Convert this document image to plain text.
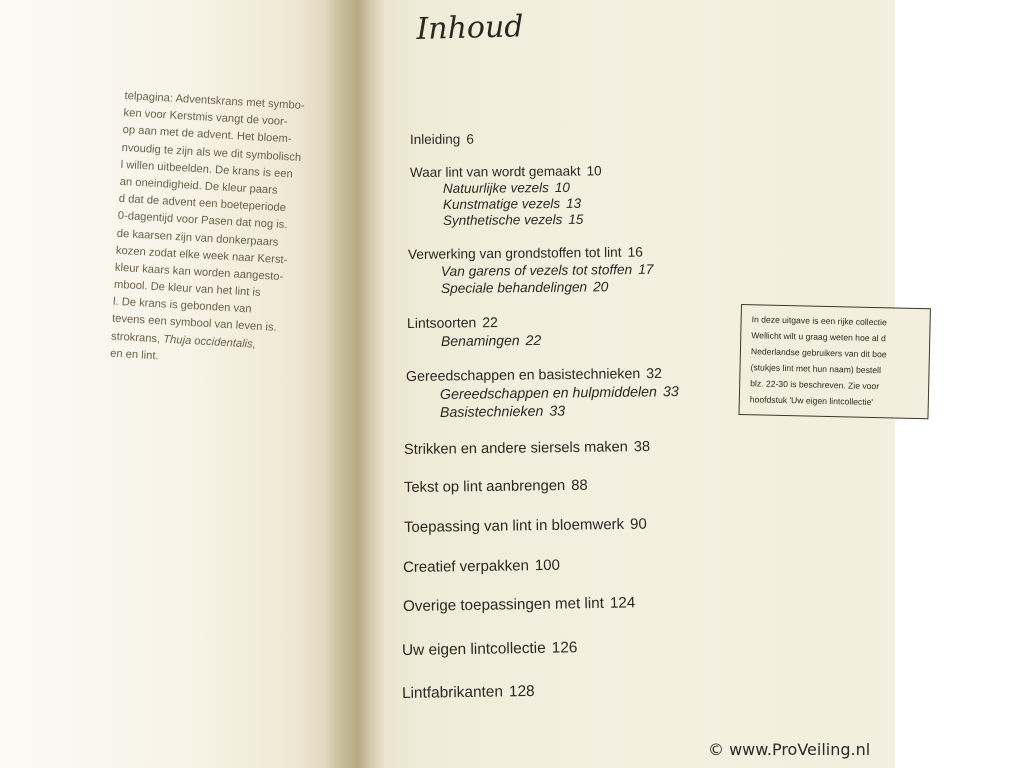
telpagina: Adventskrans met symbo-
ken voor Kerstmis vangt de voor-
op aan met de advent. Het bloem-
nvoudig te zijn als we dit symbolisch
l willen uitbeelden. De krans is een
an oneindigheid. De kleur paars
d dat de advent een boeteperiode
0-dagentijd voor Pasen dat nog is.
de kaarsen zijn van donkerpaars
kozen zodat elke week naar Kerst-
kleur kaars kan worden aangesto-
mbool. De kleur van het lint is
l. De krans is gebonden van
tevens een symbool van leven is.
strokrans, Thuja occidentalis,
en en lint.
Inhoud
Inleiding 6
Waar lint van wordt gemaakt 10
Natuurlijke vezels 10
Kunstmatige vezels 13
Synthetische vezels 15
Verwerking van grondstoffen tot lint 16
Van garens of vezels tot stoffen 17
Speciale behandelingen 20
Lintsoorten 22
Benamingen 22
Gereedschappen en basistechnieken 32
Gereedschappen en hulpmiddelen 33
Basistechnieken 33
Strikken en andere siersels maken 38
Tekst op lint aanbrengen 88
Toepassing van lint in bloemwerk 90
Creatief verpakken 100
Overige toepassingen met lint 124
Uw eigen lintcollectie 126
Lintfabrikanten 128
In deze uitgave is een rijke collectie
Wellicht wilt u graag weten hoe al d
Nederlandse gebruikers van dit boe
(stukjes lint met hun naam) bestell
blz. 22-30 is beschreven. Zie voor
hoofdstuk 'Uw eigen lintcollectie'
© www.ProVeiling.nl
